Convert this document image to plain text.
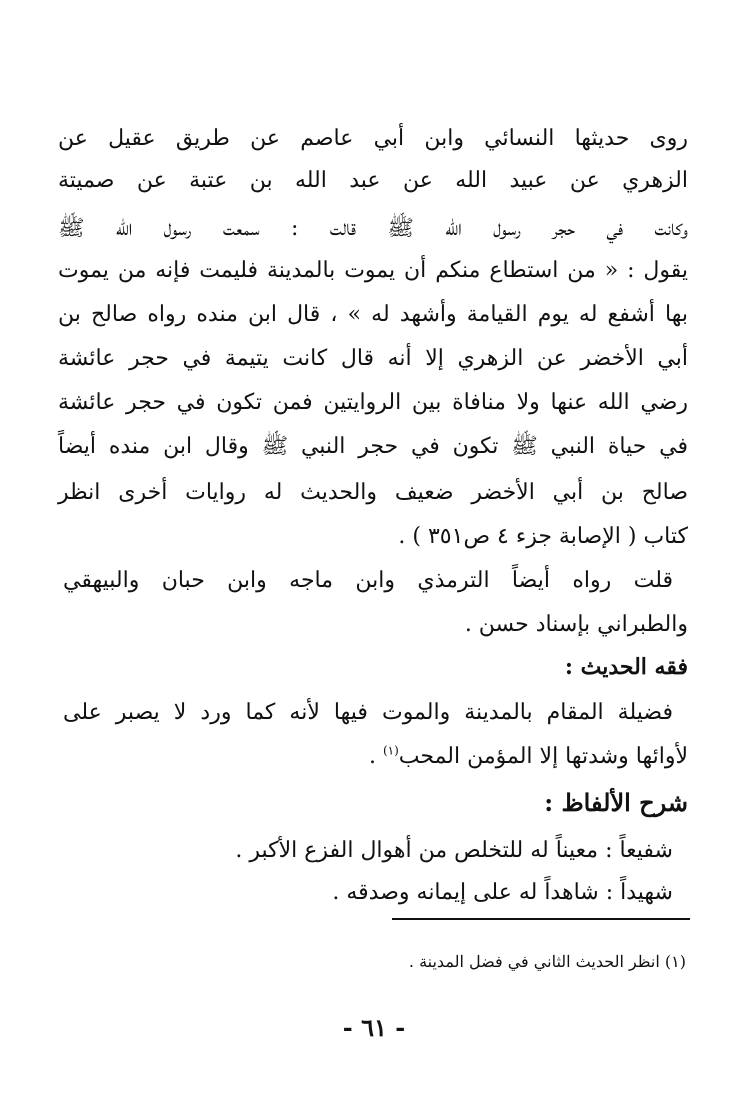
روى حديثها النسائي وابن أبي عاصم عن طريق عقيل عن
الزهري عن عبيد الله عن عبد الله بن عتبة عن صميتة
وكانت في حجر رسول الله ﷺ قالت : سمعت رسول الله ﷺ
يقول : « من استطاع منكم أن يموت بالمدينة فليمت فإنه من يموت
بها أشفع له يوم القيامة وأشهد له » ، قال ابن منده رواه صالح بن
أبي الأخضر عن الزهري إلا أنه قال كانت يتيمة في حجر عائشة
رضي الله عنها ولا منافاة بين الروايتين فمن تكون في حجر عائشة
في حياة النبي ﷺ تكون في حجر النبي ﷺ وقال ابن منده أيضاً
صالح بن أبي الأخضر ضعيف والحديث له روايات أخرى انظر
كتاب ( الإصابة جزء ٤ ص٣٥١ ) .
قلت رواه أيضاً الترمذي وابن ماجه وابن حبان والبيهقي
والطبراني بإسناد حسن .
فقه الحديث :
فضيلة المقام بالمدينة والموت فيها لأنه كما ورد لا يصبر على
لأوائها وشدتها إلا المؤمن المحب$^{(١)}$ .
شرح الألفاظ :
شفيعاً : معيناً له للتخلص من أهوال الفزع الأكبر .
شهيداً : شاهداً له على إيمانه وصدقه .
(١) انظر الحديث الثاني في فضل المدينة .
- ٦١ -
